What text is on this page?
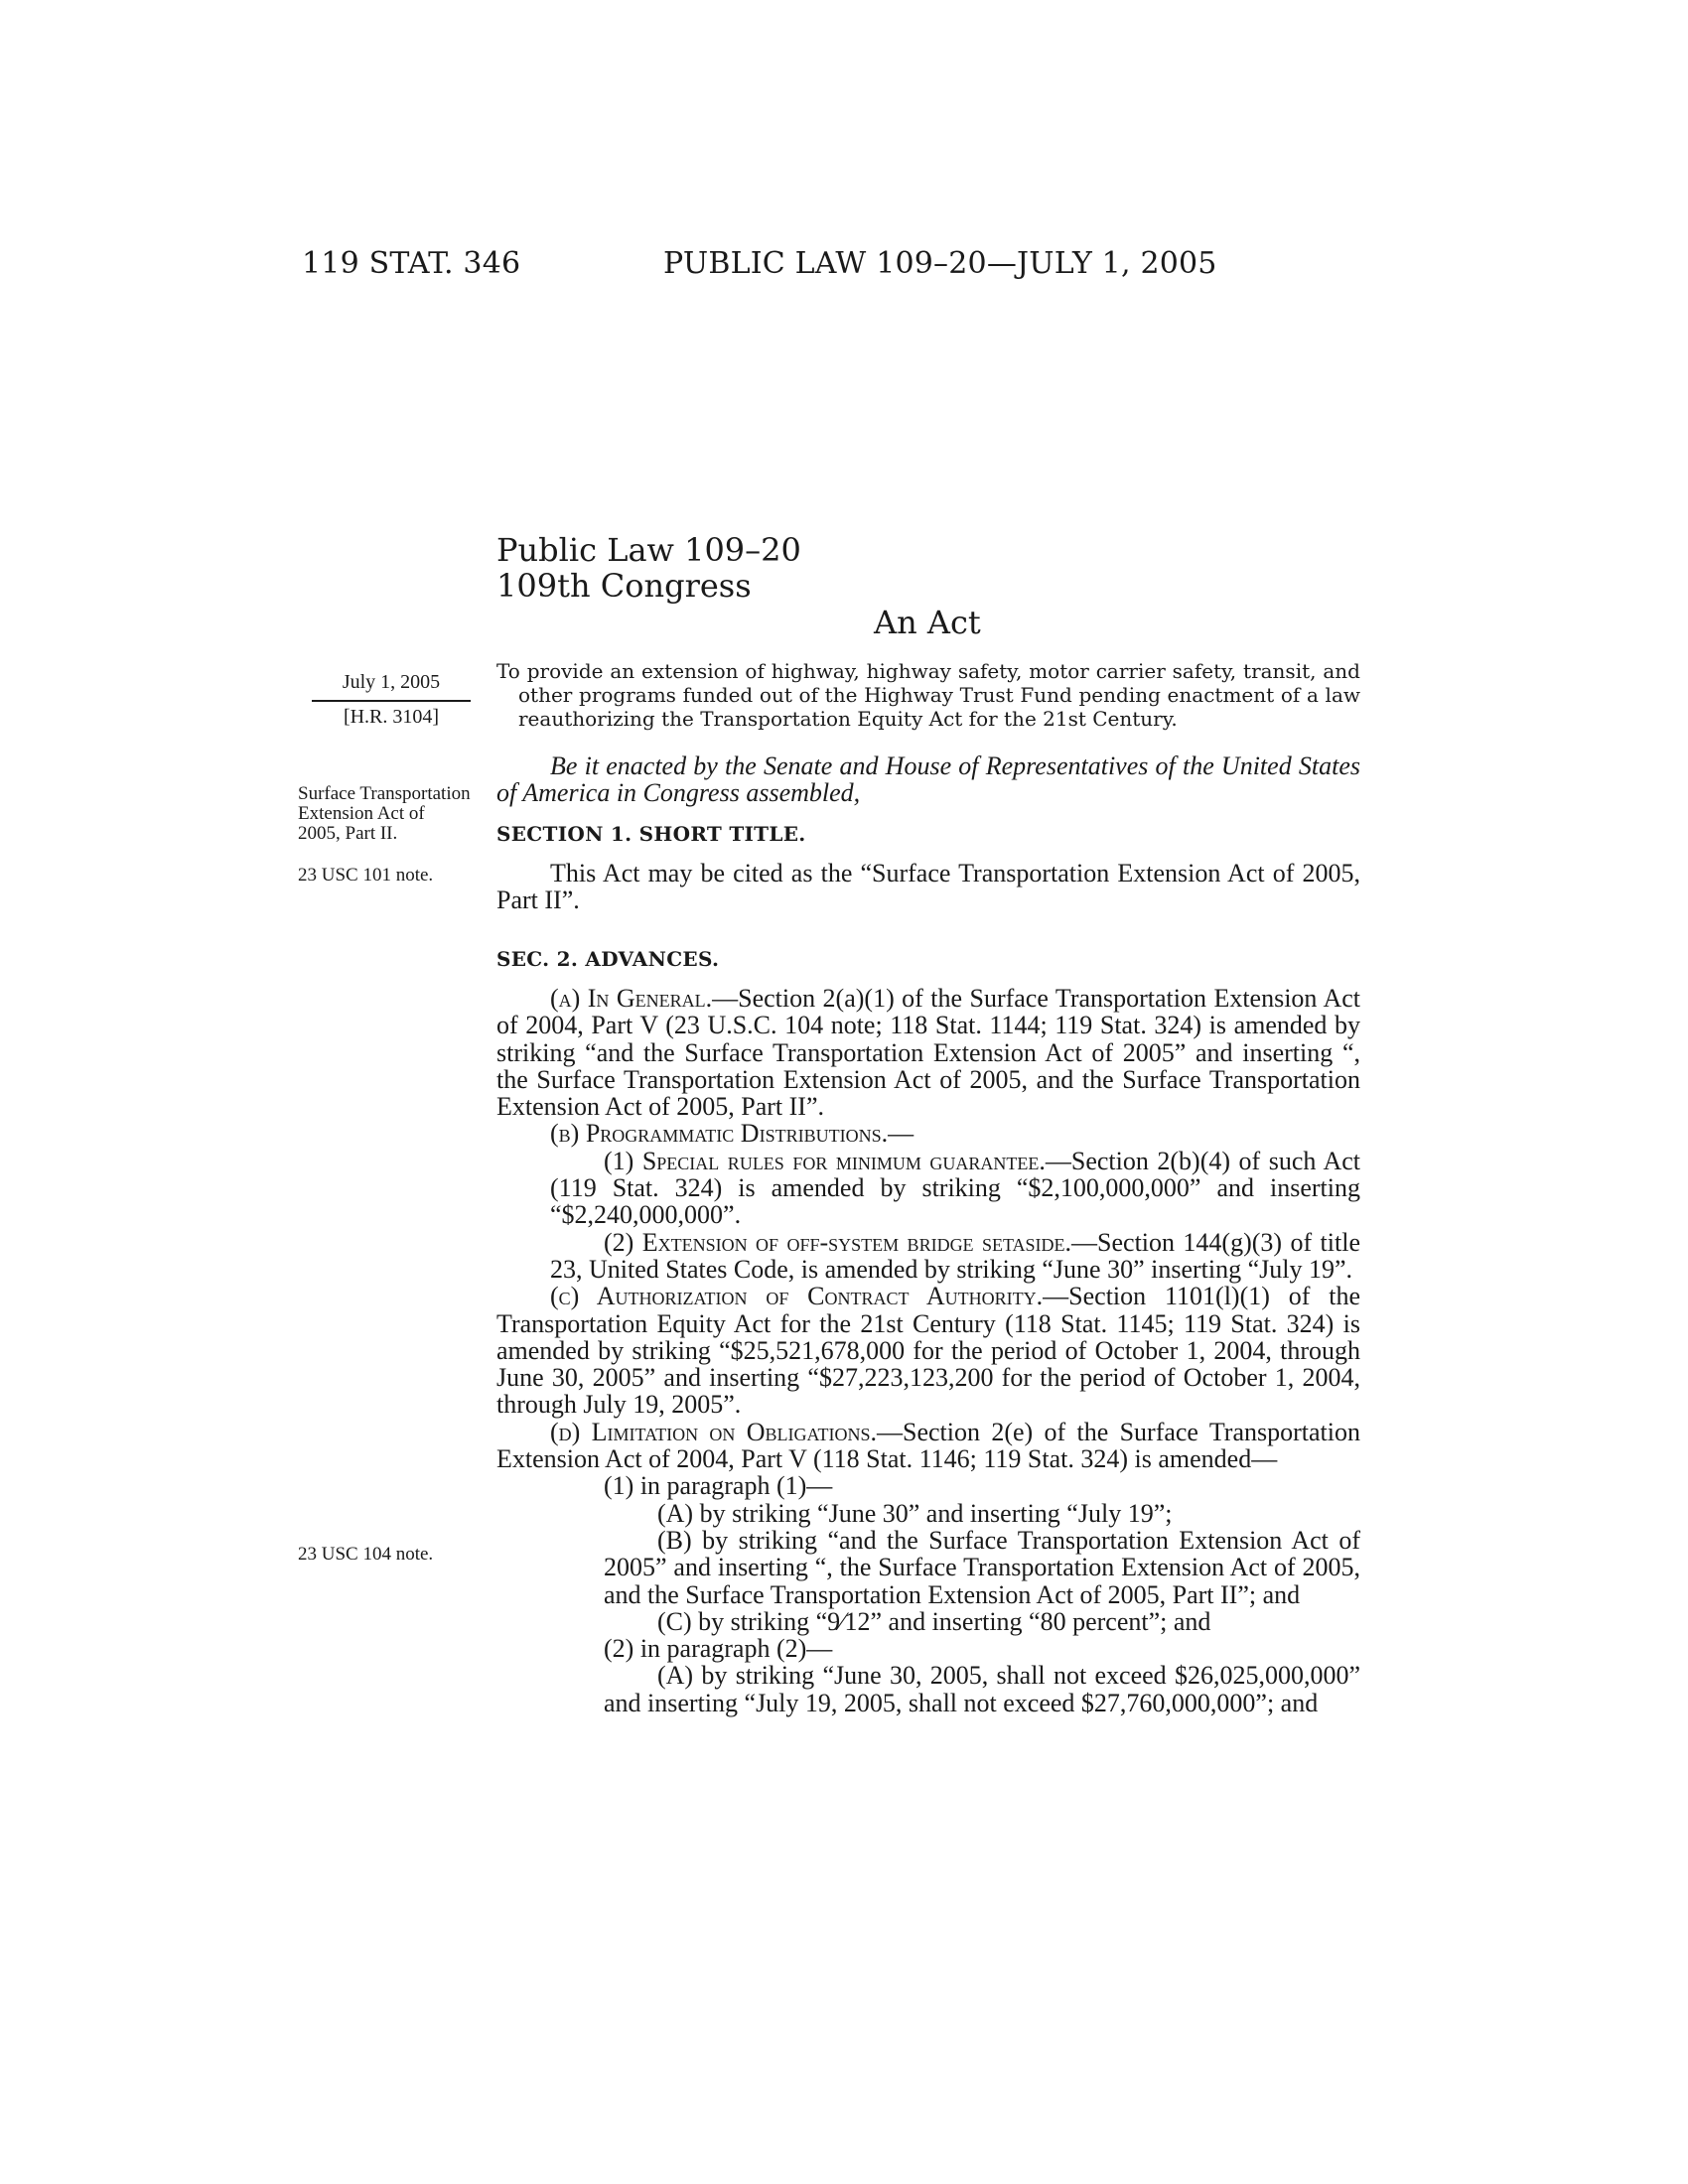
119 STAT. 346	PUBLIC LAW 109–20—JULY 1, 2005
Public Law 109–20
109th Congress
An Act
July 1, 2005
[H.R. 3104]

To provide an extension of highway, highway safety, motor carrier safety, transit, and other programs funded out of the Highway Trust Fund pending enactment of a law reauthorizing the Transportation Equity Act for the 21st Century.

Surface Transportation Extension Act of 2005, Part II.
23 USC 101 note.
23 USC 104 note.

Be it enacted by the Senate and House of Representatives of the United States of America in Congress assembled,

SECTION 1. SHORT TITLE.

This Act may be cited as the “Surface Transportation Extension Act of 2005, Part II”.

SEC. 2. ADVANCES.

(a) In General.—Section 2(a)(1) of the Surface Transportation Extension Act of 2004, Part V (23 U.S.C. 104 note; 118 Stat. 1144; 119 Stat. 324) is amended by striking “and the Surface Transportation Extension Act of 2005” and inserting “, the Surface Transportation Extension Act of 2005, and the Surface Transportation Extension Act of 2005, Part II”.

(b) Programmatic Distributions.—

(1) Special rules for minimum guarantee.—Section 2(b)(4) of such Act (119 Stat. 324) is amended by striking “$2,100,000,000” and inserting “$2,240,000,000”.

(2) Extension of off-system bridge setaside.—Section 144(g)(3) of title 23, United States Code, is amended by striking “June 30” inserting “July 19”.

(c) Authorization of Contract Authority.—Section 1101(l)(1) of the Transportation Equity Act for the 21st Century (118 Stat. 1145; 119 Stat. 324) is amended by striking “$25,521,678,000 for the period of October 1, 2004, through June 30, 2005” and inserting “$27,223,123,200 for the period of October 1, 2004, through July 19, 2005”.

(d) Limitation on Obligations.—Section 2(e) of the Surface Transportation Extension Act of 2004, Part V (118 Stat. 1146; 119 Stat. 324) is amended—

(1) in paragraph (1)—

(A) by striking “June 30” and inserting “July 19”;

(B) by striking “and the Surface Transportation Extension Act of 2005” and inserting “, the Surface Transportation Extension Act of 2005, and the Surface Transportation Extension Act of 2005, Part II”; and

(C) by striking “9⁄12” and inserting “80 percent”; and

(2) in paragraph (2)—

(A) by striking “June 30, 2005, shall not exceed $26,025,000,000” and inserting “July 19, 2005, shall not exceed $27,760,000,000”; and
